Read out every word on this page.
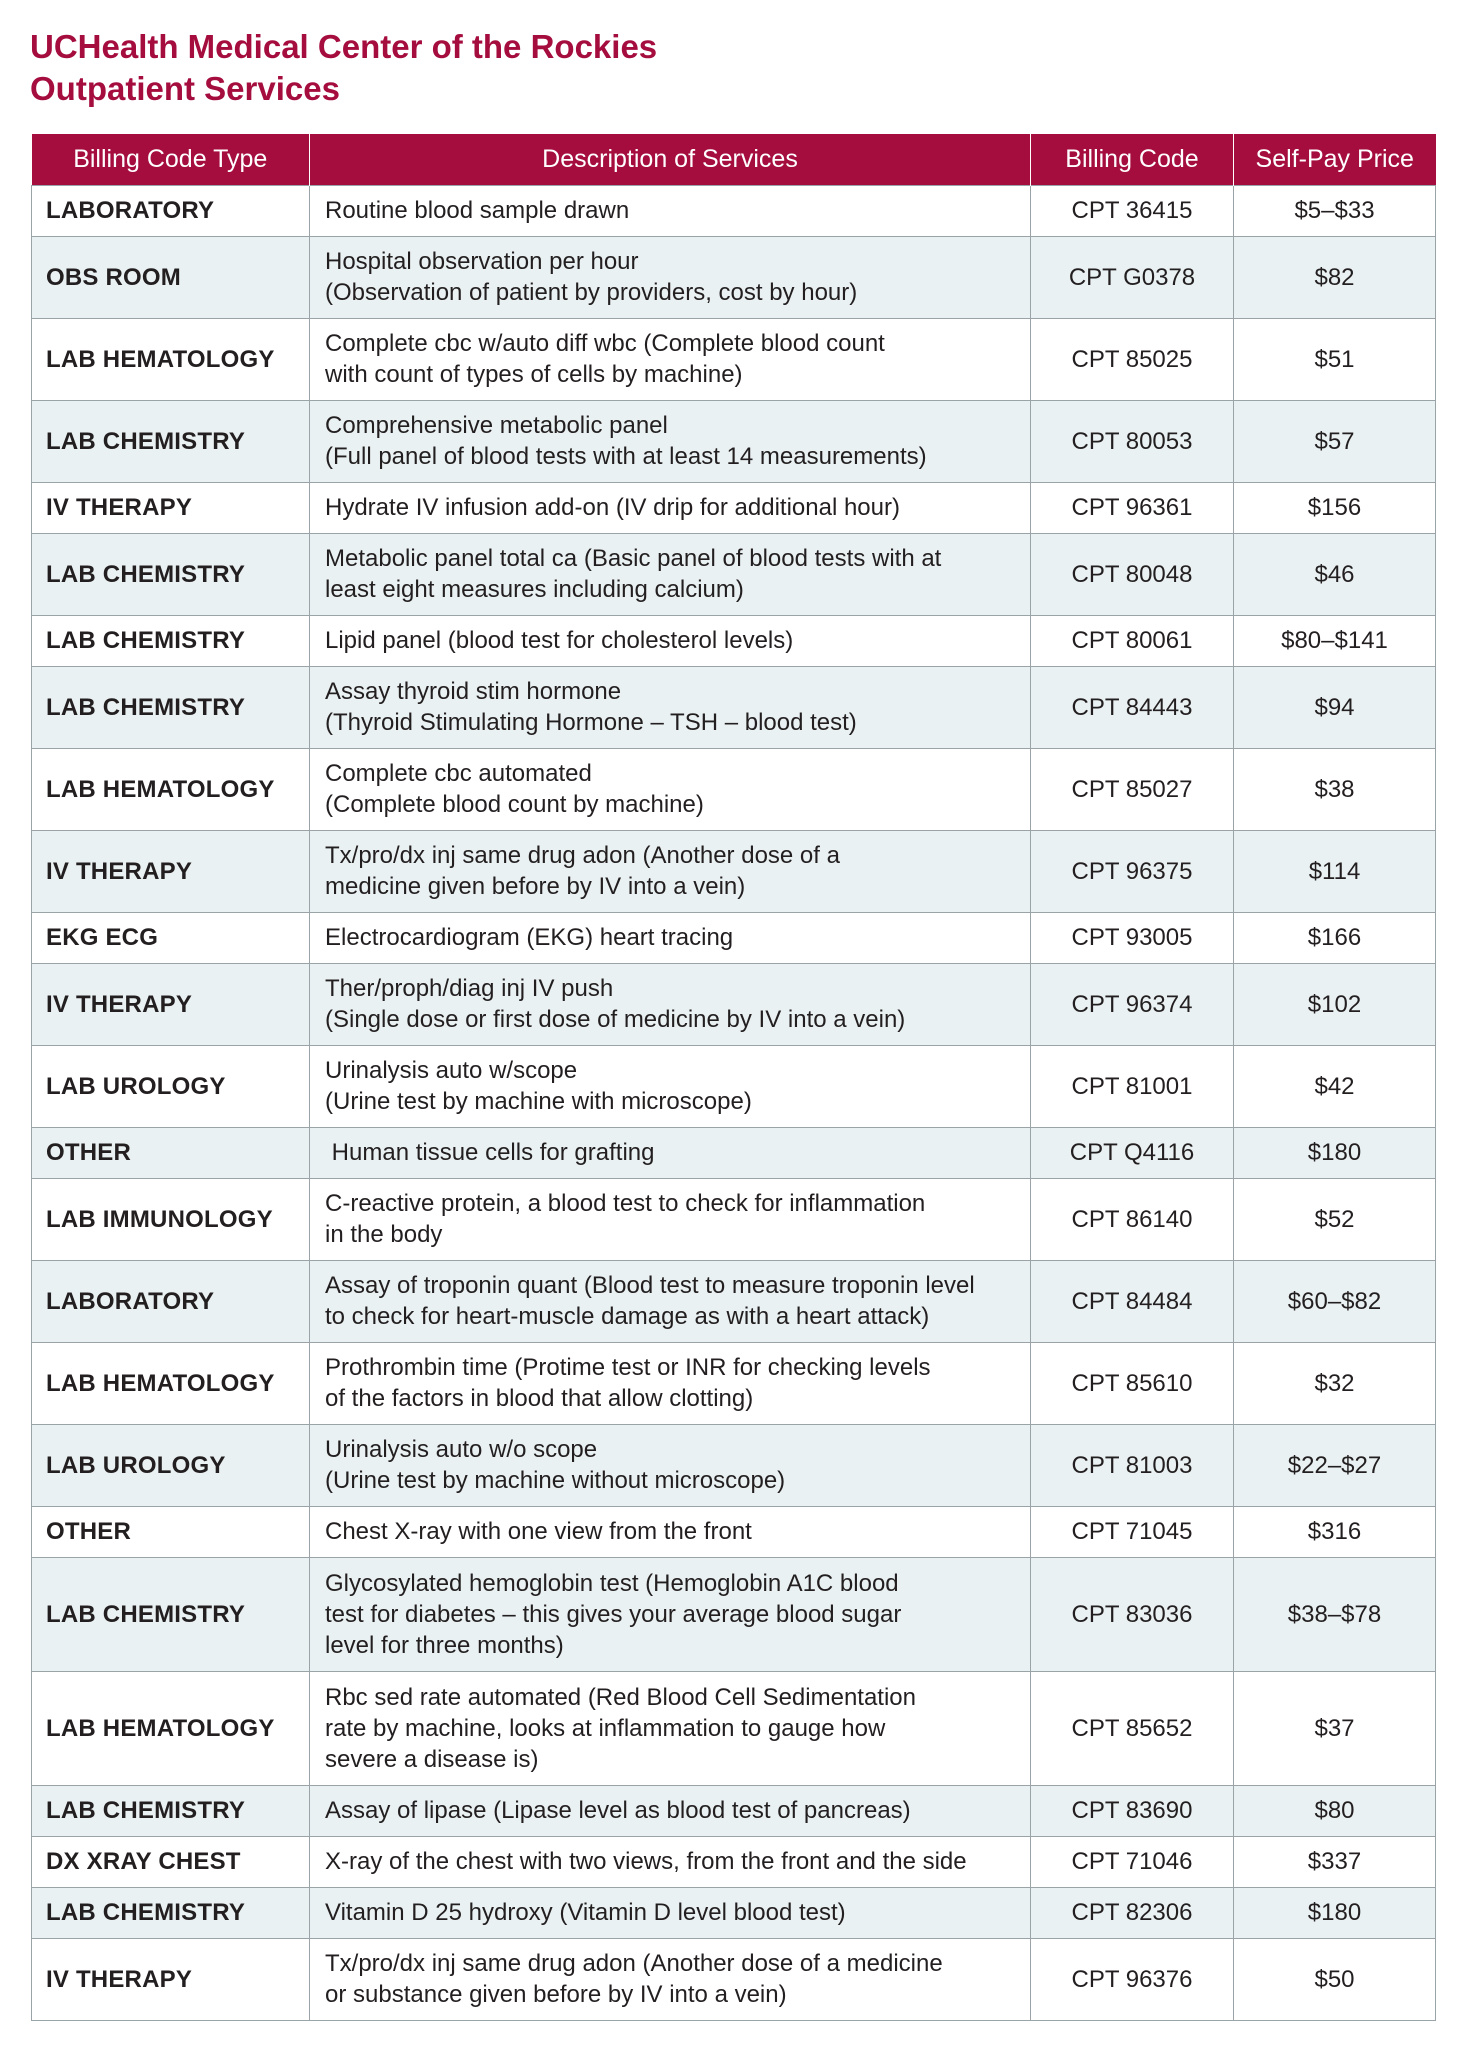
UCHealth Medical Center of the Rockies
Outpatient Services
Billing Code Type	Description of Services	Billing Code	Self-Pay Price
LABORATORY	Routine blood sample drawn	CPT 36415	$5–$33
OBS ROOM	Hospital observation per hour
(Observation of patient by providers, cost by hour)	CPT G0378	$82
LAB HEMATOLOGY	Complete cbc w/auto diff wbc (Complete blood count
with count of types of cells by machine)	CPT 85025	$51
LAB CHEMISTRY	Comprehensive metabolic panel
(Full panel of blood tests with at least 14 measurements)	CPT 80053	$57
IV THERAPY	Hydrate IV infusion add-on (IV drip for additional hour)	CPT 96361	$156
LAB CHEMISTRY	Metabolic panel total ca (Basic panel of blood tests with at
least eight measures including calcium)	CPT 80048	$46
LAB CHEMISTRY	Lipid panel (blood test for cholesterol levels)	CPT 80061	$80–$141
LAB CHEMISTRY	Assay thyroid stim hormone
(Thyroid Stimulating Hormone – TSH – blood test)	CPT 84443	$94
LAB HEMATOLOGY	Complete cbc automated
(Complete blood count by machine)	CPT 85027	$38
IV THERAPY	Tx/pro/dx inj same drug adon (Another dose of a
medicine given before by IV into a vein)	CPT 96375	$114
EKG ECG	Electrocardiogram (EKG) heart tracing	CPT 93005	$166
IV THERAPY	Ther/proph/diag inj IV push
(Single dose or first dose of medicine by IV into a vein)	CPT 96374	$102
LAB UROLOGY	Urinalysis auto w/scope
(Urine test by machine with microscope)	CPT 81001	$42
OTHER	Human tissue cells for grafting	CPT Q4116	$180
LAB IMMUNOLOGY	C-reactive protein, a blood test to check for inflammation
in the body	CPT 86140	$52
LABORATORY	Assay of troponin quant (Blood test to measure troponin level
to check for heart-muscle damage as with a heart attack)	CPT 84484	$60–$82
LAB HEMATOLOGY	Prothrombin time (Protime test or INR for checking levels
of the factors in blood that allow clotting)	CPT 85610	$32
LAB UROLOGY	Urinalysis auto w/o scope
(Urine test by machine without microscope)	CPT 81003	$22–$27
OTHER	Chest X-ray with one view from the front	CPT 71045	$316
LAB CHEMISTRY	Glycosylated hemoglobin test (Hemoglobin A1C blood
test for diabetes – this gives your average blood sugar
level for three months)	CPT 83036	$38–$78
LAB HEMATOLOGY	Rbc sed rate automated (Red Blood Cell Sedimentation
rate by machine, looks at inflammation to gauge how
severe a disease is)	CPT 85652	$37
LAB CHEMISTRY	Assay of lipase (Lipase level as blood test of pancreas)	CPT 83690	$80
DX XRAY CHEST	X-ray of the chest with two views, from the front and the side	CPT 71046	$337
LAB CHEMISTRY	Vitamin D 25 hydroxy (Vitamin D level blood test)	CPT 82306	$180
IV THERAPY	Tx/pro/dx inj same drug adon (Another dose of a medicine
or substance given before by IV into a vein)	CPT 96376	$50
